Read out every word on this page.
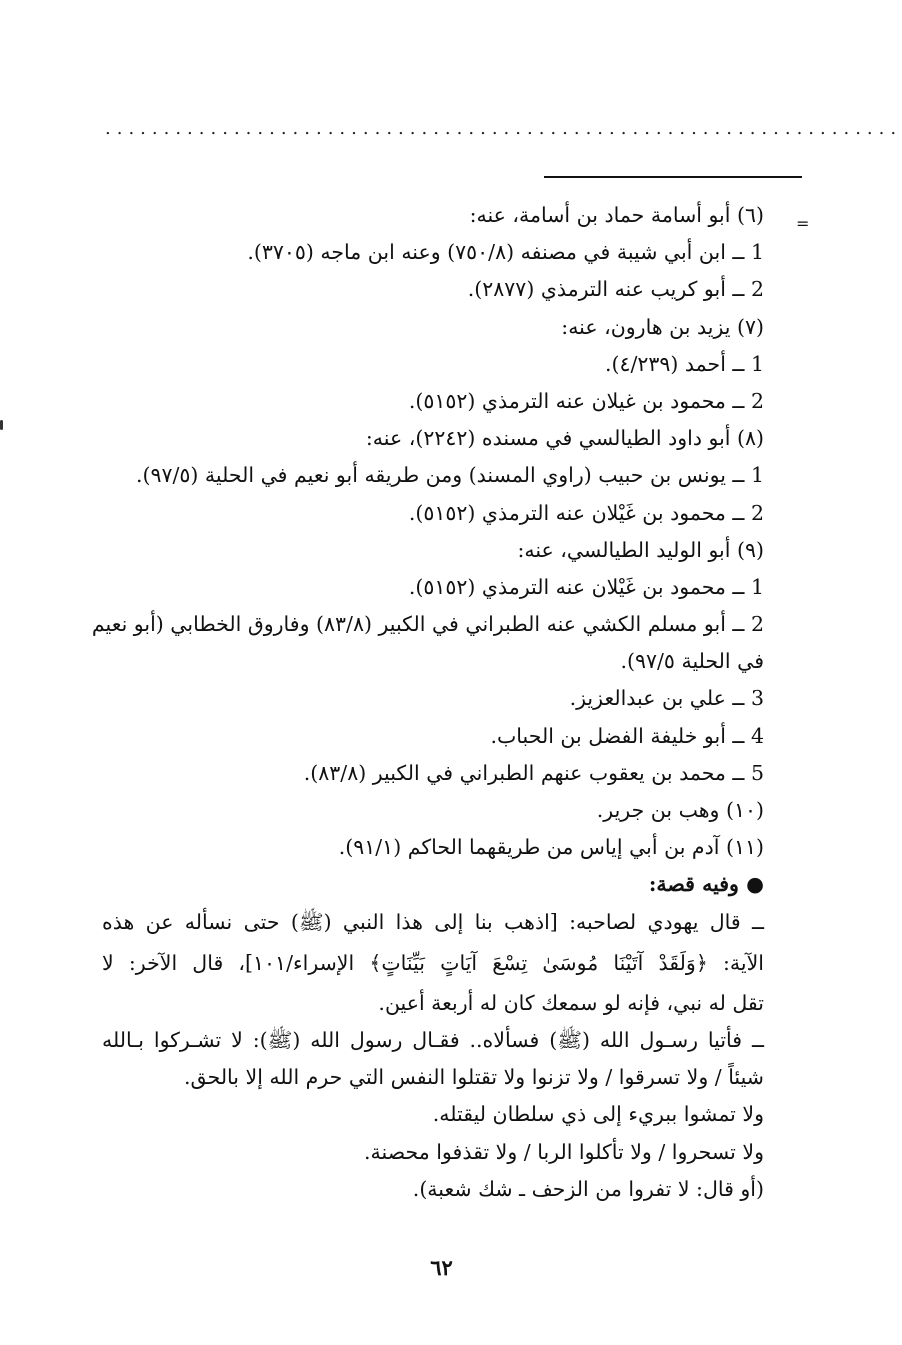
....................................................................
=
(٦) أبو أسامة حماد بن أسامة، عنه:
1 ــ ابن أبي شيبة في مصنفه (٧٥٠/٨) وعنه ابن ماجه (٣٧٠٥).
2 ــ أبو كريب عنه الترمذي (٢٨٧٧).
(٧) يزيد بن هارون، عنه:
1 ــ أحمد (٤/٢٣٩).
2 ــ محمود بن غيلان عنه الترمذي (٥١٥٢).
(٨) أبو داود الطيالسي في مسنده (٢٢٤٢)، عنه:
1 ــ يونس بن حبيب (راوي المسند) ومن طريقه أبو نعيم في الحلية (٩٧/٥).
2 ــ محمود بن غَيْلان عنه الترمذي (٥١٥٢).
(٩) أبو الوليد الطيالسي، عنه:
1 ــ محمود بن غَيْلان عنه الترمذي (٥١٥٢).
2 ــ أبو مسلم الكشي عنه الطبراني في الكبير (٨٣/٨) وفاروق الخطابي (أبو نعيم
في الحلية ٩٧/٥).
3 ــ علي بن عبدالعزيز.
4 ــ أبو خليفة الفضل بن الحباب.
5 ــ محمد بن يعقوب عنهم الطبراني في الكبير (٨٣/٨).
(١٠) وهب بن جرير.
(١١) آدم بن أبي إياس من طريقهما الحاكم (٩١/١).
● وفيه قصة:
ــ قال يهودي لصاحبه: [اذهب بنا إلى هذا النبي (ﷺ) حتى نسأله عن هذه
الآية: ﴿وَلَقَدْ آتَيْنَا مُوسَىٰ تِسْعَ آيَاتٍ بَيِّنَاتٍ﴾ الإسراء/١٠١]، قال الآخر: لا
تقل له نبي، فإنه لو سمعك كان له أربعة أعين.
ــ فأتيا رسـول الله (ﷺ) فسألاه.. فقـال رسول الله (ﷺ): لا تشـركوا بـالله
شيئاً / ولا تسرقوا / ولا تزنوا ولا تقتلوا النفس التي حرم الله إلا بالحق.
ولا تمشوا ببريء إلى ذي سلطان ليقتله.
ولا تسحروا / ولا تأكلوا الربا / ولا تقذفوا محصنة.
(أو قال: لا تفروا من الزحف ـ شك شعبة).
٦٢
